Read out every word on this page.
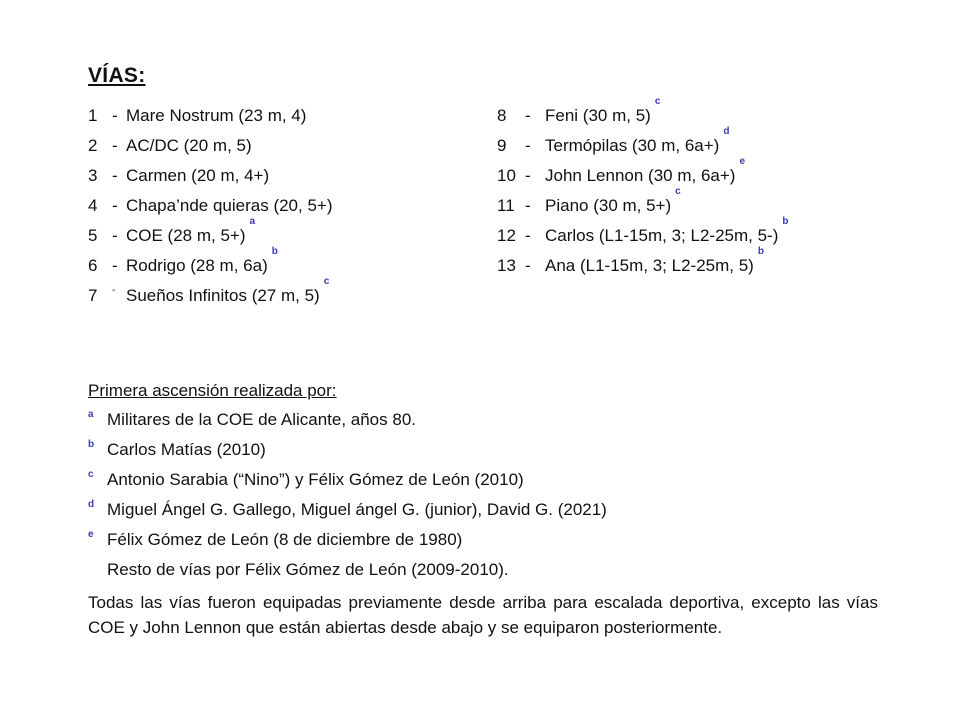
VÍAS:
1 - Mare Nostrum (23 m, 4)
2 - AC/DC (20 m, 5)
3 - Carmen (20 m, 4+)
4 - Chapa’nde quieras (20, 5+)
5 - COE (28 m, 5+)
a
6 - Rodrigo (28 m, 6a)
b
7	- Sueños Infinitos (27 m, 5)
c
8	- Feni (30 m, 5)
c
9	- Termópilas (30 m, 6a+)
d
10 - John Lennon (30 m, 6a+)
e
11 - Piano (30 m, 5+)
c
12 - Carlos (L1-15m, 3; L2-25m, 5-)
b
13 - Ana (L1-15m, 3; L2-25m, 5)
b
Primera ascensión realizada por:
a Militares de la COE de Alicante, años 80.
b Carlos Matías (2010)
c Antonio Sarabia (“Nino”) y Félix Gómez de León (2010)
d Miguel Ángel G. Gallego, Miguel ángel G. (junior), David G. (2021)
e Félix Gómez de León (8 de diciembre de 1980)
Resto de vías por Félix Gómez de León (2009-2010).
Todas las vías fueron equipadas previamente desde arriba para escalada deportiva, excepto las vías COE y John Lennon que están abiertas desde abajo y se equiparon posteriormente.
